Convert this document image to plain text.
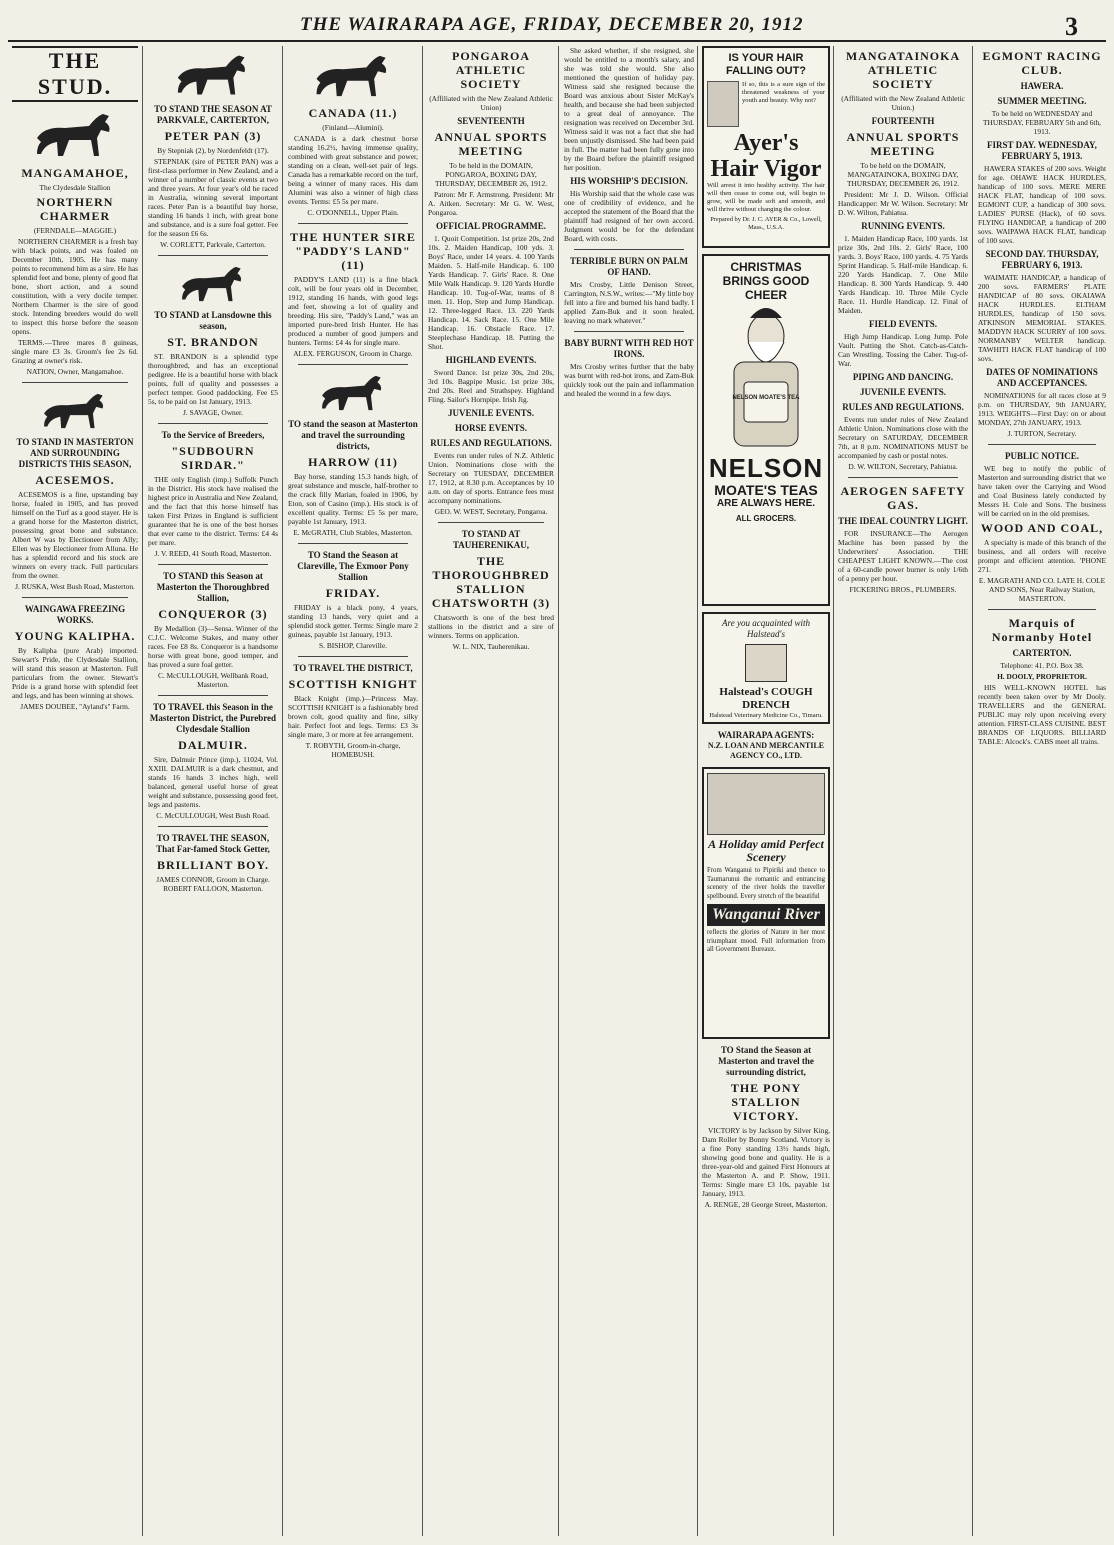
THE WAIRARAPA AGE, FRIDAY, DECEMBER 20, 1912	3
THE STUD.

MANGAMAHOE,

The Clydesdale Stallion

NORTHERN CHARMER

(FERNDALE—MAGGIE.)

NORTHERN CHARMER is a fresh bay with black points, and was foaled on December 10th, 1905. He has many points to recommend him as a sire. He has splendid feet and bone, plenty of good flat bone, short action, and a sound constitution, with a very docile temper. Northern Charmer is the sire of good stock. Intending breeders would do well to inspect this horse before the season opens.

TERMS.—Three mares 8 guineas, single mare £3 3s. Groom's fee 2s 6d. Grazing at owner's risk.

NATION, Owner, Mangamahoe.

TO STAND IN MASTERTON AND SURROUNDING DISTRICTS THIS SEASON,

ACESEMOS.

ACESEMOS is a fine, upstanding bay horse, foaled in 1905, and has proved himself on the Turf as a good stayer. He is a grand horse for the Masterton district, possessing great bone and substance. Albert W was by Electioneer from Ally; Ellen was by Electioneer from Alluna. He has a splendid record and his stock are winners on every track. Full particulars from the owner.

J. RUSKA, West Bush Road, Masterton.

WAINGAWA FREEZING WORKS.

YOUNG KALIPHA.

By Kalipha (pure Arab) imported. Stewart's Pride, the Clydesdale Stallion, will stand this season at Masterton. Full particulars from the owner. Stewart's Pride is a grand horse with splendid feet and legs, and has been winning at shows.

JAMES DOUBEE, "Ayland's" Farm.

TO STAND THE SEASON AT PARKVALE, CARTERTON,

PETER PAN (3)

By Stepniak (2), by Nordenfeldt (17).

STEPNIAK (sire of PETER PAN) was a first-class performer in New Zealand, and a winner of a number of classic events at two and three years. At four year's old he raced in Australia, winning several important races. Peter Pan is a beautiful bay horse, standing 16 hands 1 inch, with great bone and substance, and is a sure foal getter. Fee for the season £6 6s.

W. CORLETT, Parkvale, Carterton.

TO STAND at Lansdowne this season,

ST. BRANDON

ST. BRANDON is a splendid type thoroughbred, and has an exceptional pedigree. He is a beautiful horse with black points, full of quality and possesses a perfect temper. Good paddocking. Fee £5 5s, to be paid on 1st January, 1913.

J. SAVAGE, Owner.

To the Service of Breeders,

"SUDBOURN SIRDAR."

THE only English (imp.) Suffolk Punch in the District. His stock have realised the highest price in Australia and New Zealand, and the fact that this horse himself has taken First Prizes in England is sufficient guarantee that he is one of the best horses that ever came to the district. Terms: £4 4s per mare.

J. V. REED, 41 South Road, Masterton.

TO STAND this Season at Masterton the Thoroughbred Stallion,

CONQUEROR (3)

By Medallion (3)—Sensa. Winner of the C.J.C. Welcome Stakes, and many other races. Fee £8 8s. Conqueror is a handsome horse with great bone, good temper, and has proved a sure foal getter.

C. McCULLOUGH, Wellbank Road, Masterton.

TO TRAVEL this Season in the Masterton District, the Purebred Clydesdale Stallion

DALMUIR.

Sire, Dalmuir Prince (imp.), 11024, Vol. XXIII. DALMUIR is a dark chestnut, and stands 16 hands 3 inches high, well balanced, general useful horse of great weight and substance, possessing good feet, legs and pasterns.

C. McCULLOUGH, West Bush Road.

TO TRAVEL THE SEASON, That Far-famed Stock Getter,

BRILLIANT BOY.

JAMES CONNOR, Groom in Charge. ROBERT FALLOON, Masterton.

CANADA (11.)

(Finland—Alumini).

CANADA is a dark chestnut horse standing 16.2½, having immense quality, combined with great substance and power, standing on a clean, well-set pair of legs. Canada has a remarkable record on the turf, being a winner of many races. His dam Alumini was also a winner of high class events. Terms: £5 5s per mare.

C. O'DONNELL, Upper Plain.

THE HUNTER SIRE "PADDY'S LAND" (11)

PADDY'S LAND (11) is a fine black colt, will be four years old in December, 1912, standing 16 hands, with good legs and feet, showing a lot of quality and breeding. His sire, "Paddy's Land," was an imported pure-bred Irish Hunter. He has produced a number of good jumpers and hunters. Terms: £4 4s for single mare.

ALEX. FERGUSON, Groom in Charge.

TO stand the season at Masterton and travel the surrounding districts,

HARROW (11)

Bay horse, standing 15.3 hands high, of great substance and muscle, half-brother to the crack filly Marian, foaled in 1906, by Eton, son of Casino (imp.). His stock is of excellent quality. Terms: £5 5s per mare, payable 1st January, 1913.

E. McGRATH, Club Stables, Masterton.

TO Stand the Season at Clareville, The Exmoor Pony Stallion

FRIDAY.

FRIDAY is a black pony, 4 years, standing 13 hands, very quiet and a splendid stock getter. Terms: Single mare 2 guineas, payable 1st January, 1913.

S. BISHOP, Clareville.

TO TRAVEL THE DISTRICT,

SCOTTISH KNIGHT

Black Knight (imp.)—Princess May. SCOTTISH KNIGHT is a fashionably bred brown colt, good quality and fine, silky hair. Perfect foot and legs. Terms: £3 3s single mare, 3 or more at fee arrangement.

T. ROBYTH, Groom-in-charge, HOMEBUSH.

PONGAROA ATHLETIC SOCIETY

(Affiliated with the New Zealand Athletic Union)

SEVENTEENTH

ANNUAL SPORTS MEETING

To be held in the DOMAIN, PONGAROA, BOXING DAY, THURSDAY, DECEMBER 26, 1912.

Patron: Mr F. Armstrong. President: Mr A. Aitken. Secretary: Mr G. W. West, Pongaroa.

OFFICIAL PROGRAMME.

1. Quoit Competition. 1st prize 20s, 2nd 10s. 2. Maiden Handicap, 100 yds. 3. Boys' Race, under 14 years. 4. 100 Yards Maiden. 5. Half-mile Handicap. 6. 100 Yards Handicap. 7. Girls' Race. 8. One Mile Walk Handicap. 9. 120 Yards Hurdle Handicap. 10. Tug-of-War, teams of 8 men. 11. Hop, Step and Jump Handicap. 12. Three-legged Race. 13. 220 Yards Handicap. 14. Sack Race. 15. One Mile Handicap. 16. Obstacle Race. 17. Steeplechase Handicap. 18. Putting the Shot.

HIGHLAND EVENTS.

Sword Dance. 1st prize 30s, 2nd 20s, 3rd 10s. Bagpipe Music. 1st prize 30s, 2nd 20s. Reel and Strathspey. Highland Fling. Sailor's Hornpipe. Irish Jig.

JUVENILE EVENTS.

HORSE EVENTS.

RULES AND REGULATIONS.

Events run under rules of N.Z. Athletic Union. Nominations close with the Secretary on TUESDAY, DECEMBER 17, 1912, at 8.30 p.m. Acceptances by 10 a.m. on day of sports. Entrance fees must accompany nominations.

GEO. W. WEST, Secretary, Pongaroa.

TO STAND AT TAUHERENIKAU,

THE THOROUGHBRED STALLION CHATSWORTH (3)

Chatsworth is one of the best bred stallions in the district and a sire of winners. Terms on application.

W. L. NIX, Tauherenikau.

She asked whether, if she resigned, she would be entitled to a month's salary, and she was told she would. She also mentioned the question of holiday pay. Witness said she resigned because the Board was anxious about Sister McKay's health, and because she had been subjected to a great deal of annoyance. The resignation was received on December 3rd. Witness said it was not a fact that she had been unjustly dismissed. She had been paid in full. The matter had been fully gone into by the Board before the plaintiff resigned her position.

HIS WORSHIP'S DECISION.

His Worship said that the whole case was one of credibility of evidence, and he accepted the statement of the Board that the plaintiff had resigned of her own accord. Judgment would be for the defendant Board, with costs.

TERRIBLE BURN ON PALM OF HAND.

Mrs Crosby, Little Denison Street, Carrington, N.S.W., writes:—"My little boy fell into a fire and burned his hand badly. I applied Zam-Buk and it soon healed, leaving no mark whatever."

BABY BURNT WITH RED HOT IRONS.

Mrs Crosby writes further that the baby was burnt with red-hot irons, and Zam-Buk quickly took out the pain and inflammation and healed the wound in a few days.

IS YOUR HAIR FALLING OUT?
If so, this is a sure sign of the threatened weakness of your youth and beauty. Why not?
Ayer's Hair Vigor
Will arrest it into healthy activity. The hair will then cease to come out, will begin to grow, will be made soft and smooth, and will thrive without changing the colour.
Prepared by Dr. J. C. AYER & Co., Lowell, Mass., U.S.A.
CHRISTMAS BRINGS GOOD CHEER
NELSON MOATE'S TEA
NELSON
MOATE'S TEAS
ARE ALWAYS HERE.
ALL GROCERS.
Are you acquainted with Halstead's
Halstead's COUGH DRENCH
Halstead Veterinary Medicine Co., Timaru.
WAIRARAPA AGENTS:
N.Z. LOAN AND MERCANTILE AGENCY CO., LTD.
A Holiday amid Perfect Scenery
From Wanganui to Pipiriki and thence to Taumarunui the romantic and entrancing scenery of the river holds the traveller spellbound. Every stretch of the beautiful
Wanganui River
reflects the glories of Nature in her most triumphant mood. Full information from all Government Bureaux.

TO Stand the Season at Masterton and travel the surrounding district,

THE PONY STALLION VICTORY.

VICTORY is by Jackson by Silver King, Dam Roller by Bonny Scotland. Victory is a fine Pony standing 13½ hands high, showing good bone and quality. He is a three-year-old and gained First Honours at the Masterton A. and P. Show, 1911. Terms: Single mare £3 10s, payable 1st January, 1913.

A. RENGE, 28 George Street, Masterton.

MANGATAINOKA ATHLETIC SOCIETY

(Affiliated with the New Zealand Athletic Union.)

FOURTEENTH

ANNUAL SPORTS MEETING

To be held on the DOMAIN, MANGATAINOKA, BOXING DAY, THURSDAY, DECEMBER 26, 1912.

President: Mr J. D. Wilson. Official Handicapper: Mr W. Wilson. Secretary: Mr D. W. Wilton, Pahiatua.

RUNNING EVENTS.

1. Maiden Handicap Race, 100 yards. 1st prize 30s, 2nd 10s. 2. Girls' Race, 100 yards. 3. Boys' Race, 100 yards. 4. 75 Yards Sprint Handicap. 5. Half-mile Handicap. 6. 220 Yards Handicap. 7. One Mile Handicap. 8. 300 Yards Handicap. 9. 440 Yards Handicap. 10. Three Mile Cycle Race. 11. Hurdle Handicap. 12. Final of Maiden.

FIELD EVENTS.

High Jump Handicap. Long Jump. Pole Vault. Putting the Shot. Catch-as-Catch-Can Wrestling. Tossing the Caber. Tug-of-War.

PIPING AND DANCING.

JUVENILE EVENTS.

RULES AND REGULATIONS.

Events run under rules of New Zealand Athletic Union. Nominations close with the Secretary on SATURDAY, DECEMBER 7th, at 8 p.m. NOMINATIONS MUST be accompanied by cash or postal notes.

D. W. WILTON, Secretary, Pahiatua.

AEROGEN SAFETY GAS.

THE IDEAL COUNTRY LIGHT.

FOR INSURANCE—The Aerogen Machine has been passed by the Underwriters' Association. THE CHEAPEST LIGHT KNOWN.—The cost of a 60-candle power burner is only 1/6th of a penny per hour.

FICKERING BROS., PLUMBERS.

EGMONT RACING CLUB.

HAWERA.

SUMMER MEETING.

To be held on WEDNESDAY and THURSDAY, FEBRUARY 5th and 6th, 1913.

FIRST DAY. WEDNESDAY, FEBRUARY 5, 1913.

HAWERA STAKES of 200 sovs. Weight for age. OHAWE HACK HURDLES, handicap of 100 sovs. MERE MERE HACK FLAT, handicap of 100 sovs. EGMONT CUP, a handicap of 300 sovs. LADIES' PURSE (Hack), of 60 sovs. FLYING HANDICAP, a handicap of 200 sovs. WAIPAWA HACK FLAT, handicap of 100 sovs.

SECOND DAY. THURSDAY, FEBRUARY 6, 1913.

WAIMATE HANDICAP, a handicap of 200 sovs. FARMERS' PLATE HANDICAP of 80 sovs. OKAIAWA HACK HURDLES. ELTHAM HURDLES, handicap of 150 sovs. ATKINSON MEMORIAL STAKES. MADDYN HACK SCURRY of 100 sovs. NORMANBY WELTER handicap. TAWHITI HACK FLAT handicap of 100 sovs.

DATES OF NOMINATIONS AND ACCEPTANCES.

NOMINATIONS for all races close at 9 p.m. on THURSDAY, 9th JANUARY, 1913. WEIGHTS—First Day: on or about MONDAY, 27th JANUARY, 1913.

J. TURTON, Secretary.

PUBLIC NOTICE.

WE beg to notify the public of Masterton and surrounding district that we have taken over the Carrying and Wood and Coal Business lately conducted by Messrs H. Cole and Sons. The business will be carried on in the old premises.

WOOD AND COAL,

A specialty is made of this branch of the business, and all orders will receive prompt and efficient attention. 'PHONE 271.

E. MAGRATH AND CO. LATE H. COLE AND SONS, Near Railway Station, MASTERTON.

Marquis of Normanby Hotel

CARTERTON.

Telephone: 41. P.O. Box 38.

H. DOOLY, PROPRIETOR.

HIS WELL-KNOWN HOTEL has recently been taken over by Mr Dooly. TRAVELLERS and the GENERAL PUBLIC may rely upon receiving every attention. FIRST-CLASS CUISINE. BEST BRANDS OF LIQUORS. BILLIARD TABLE: Alcock's. CABS meet all trains.
